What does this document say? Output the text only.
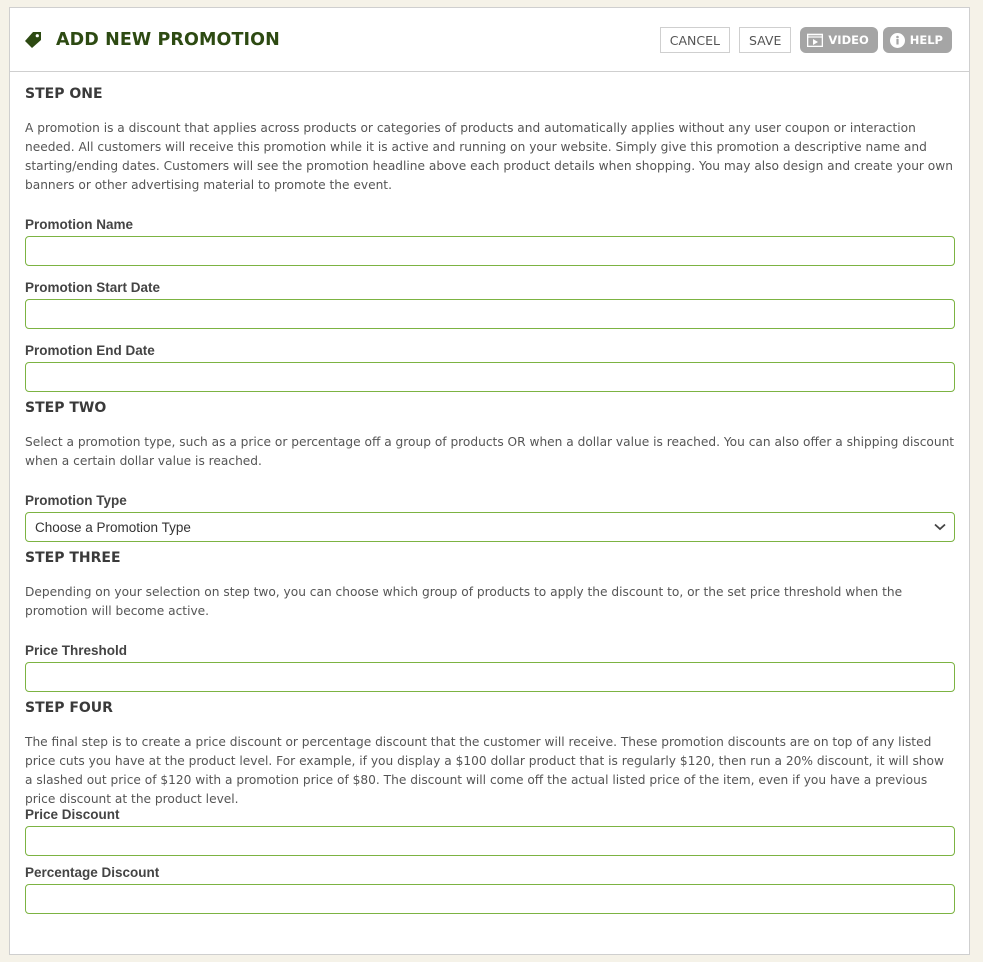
ADD NEW PROMOTION	CANCEL	SAVE	VIDEO	HELP
STEP ONE
A promotion is a discount that applies across products or categories of products and automatically applies without any user coupon or interaction needed. All customers will receive this promotion while it is active and running on your website. Simply give this promotion a descriptive name and starting/ending dates. Customers will see the promotion headline above each product details when shopping. You may also design and create your own banners or other advertising material to promote the event.
Promotion Name
Promotion Start Date
Promotion End Date
STEP TWO
Select a promotion type, such as a price or percentage off a group of products OR when a dollar value is reached. You can also offer a shipping discount when a certain dollar value is reached.
Promotion Type
Choose a Promotion Type
STEP THREE
Depending on your selection on step two, you can choose which group of products to apply the discount to, or the set price threshold when the promotion will become active.
Price Threshold
STEP FOUR
The final step is to create a price discount or percentage discount that the customer will receive. These promotion discounts are on top of any listed price cuts you have at the product level. For example, if you display a $100 dollar product that is regularly $120, then run a 20% discount, it will show a slashed out price of $120 with a promotion price of $80. The discount will come off the actual listed price of the item, even if you have a previous price discount at the product level.
Price Discount
Percentage Discount
